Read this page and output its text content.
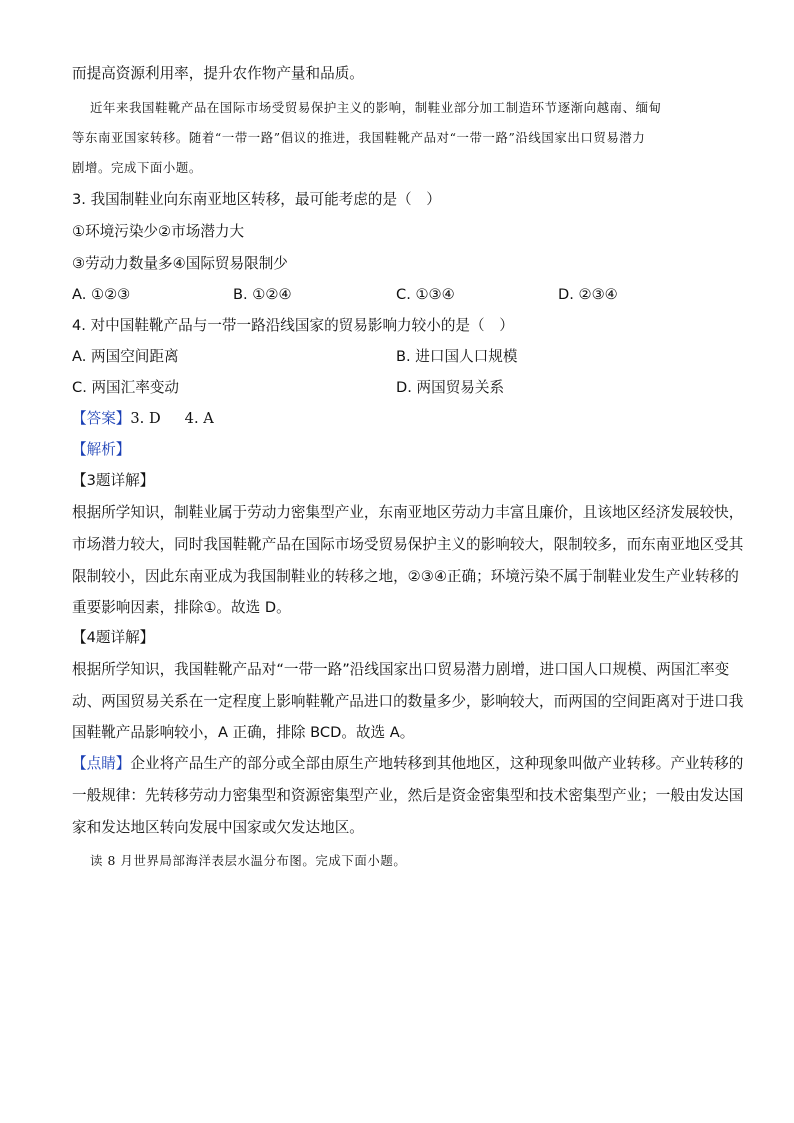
而提高资源利用率，提升农作物产量和品质。
近年来我国鞋靴产品在国际市场受贸易保护主义的影响，制鞋业部分加工制造环节逐渐向越南、缅甸
等东南亚国家转移。随着“一带一路”倡议的推进，我国鞋靴产品对“一带一路”沿线国家出口贸易潜力
剧增。完成下面小题。
3. 我国制鞋业向东南亚地区转移，最可能考虑的是（　）
①环境污染少②市场潜力大
③劳动力数量多④国际贸易限制少
A. ①②③	B. ①②④	C. ①③④	D. ②③④
4. 对中国鞋靴产品与一带一路沿线国家的贸易影响力较小的是（　）
A. 两国空间距离	B. 进口国人口规模
C. 两国汇率变动	D. 两国贸易关系
【答案】3. D 4. A
【解析】
【3题详解】
根据所学知识，制鞋业属于劳动力密集型产业，东南亚地区劳动力丰富且廉价，且该地区经济发展较快，
市场潜力较大，同时我国鞋靴产品在国际市场受贸易保护主义的影响较大，限制较多，而东南亚地区受其
限制较小，因此东南亚成为我国制鞋业的转移之地，②③④正确；环境污染不属于制鞋业发生产业转移的
重要影响因素，排除①。故选 D。
【4题详解】
根据所学知识，我国鞋靴产品对“一带一路”沿线国家出口贸易潜力剧增，进口国人口规模、两国汇率变
动、两国贸易关系在一定程度上影响鞋靴产品进口的数量多少，影响较大，而两国的空间距离对于进口我
国鞋靴产品影响较小，A 正确，排除 BCD。故选 A。
【点睛】企业将产品生产的部分或全部由原生产地转移到其他地区，这种现象叫做产业转移。产业转移的
一般规律：先转移劳动力密集型和资源密集型产业，然后是资金密集型和技术密集型产业；一般由发达国
家和发达地区转向发展中国家或欠发达地区。
读 8 月世界局部海洋表层水温分布图。完成下面小题。
